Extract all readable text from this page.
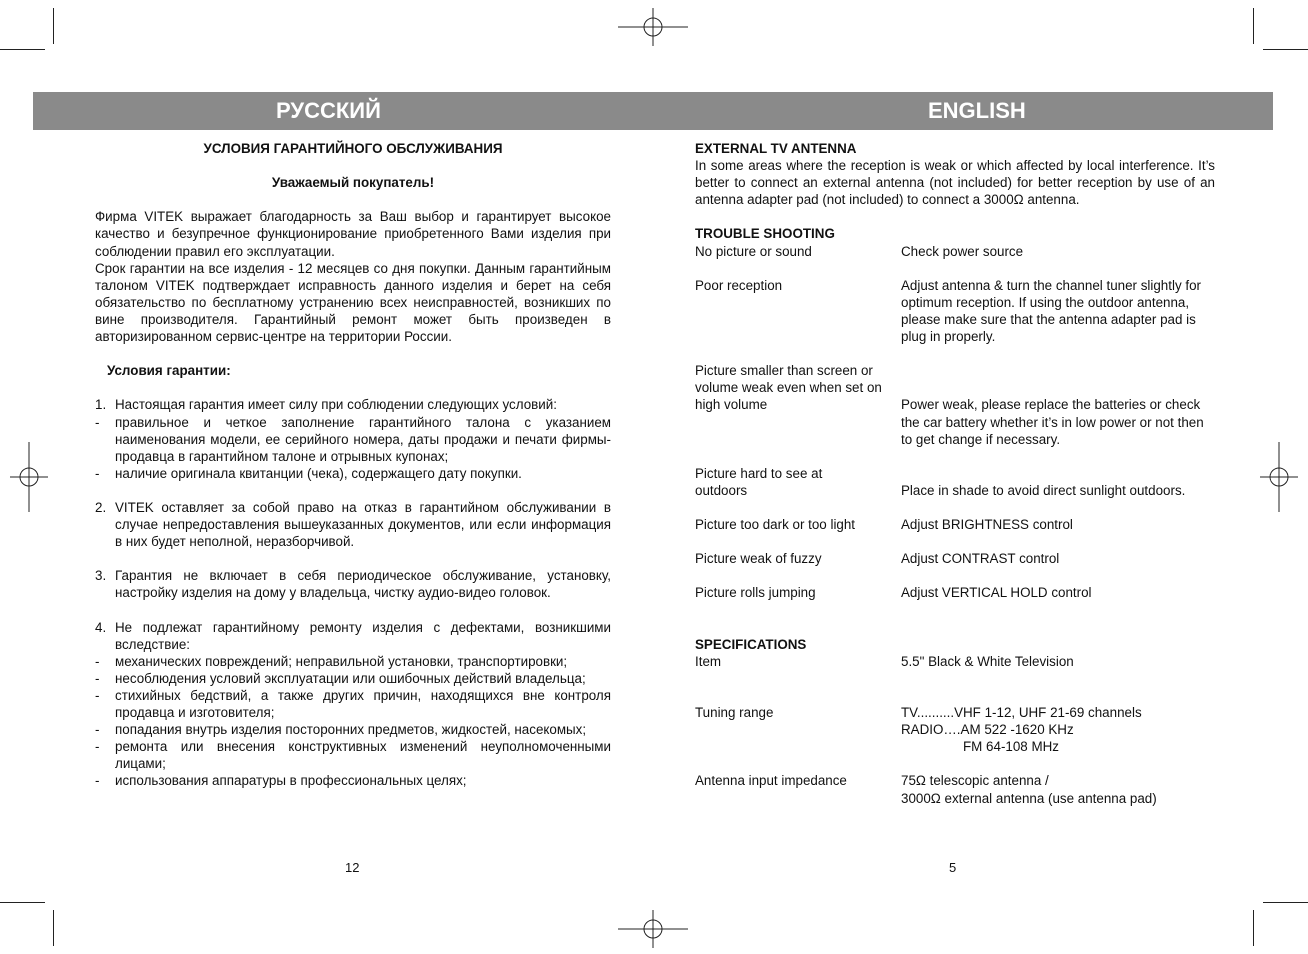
РУССКИЙ	ENGLISH

УСЛОВИЯ ГАРАНТИЙНОГО ОБСЛУЖИВАНИЯ

Уважаемый покупатель!

Фирма VITEK выражает благодарность за Ваш выбор и гарантирует высокое качество и безупречное функционирование приобретенного Вами изделия при соблюдении правил его эксплуатации.

Срок гарантии на все изделия - 12 месяцев со дня покупки. Данным гарантийным талоном VITEK подтверждает исправность данного изделия и берет на себя обязательство по бесплатному устранению всех неисправностей, возникших по вине производителя. Гарантийный ремонт может быть произведен в авторизированном сервис-центре на территории России.

Условия гарантии:

1. Настоящая гарантия имеет силу при соблюдении следующих условий:
-	правильное и четкое заполнение гарантийного талона с указанием наименования модели, ее серийного номера, даты продажи и печати фирмы-продавца в гарантийном талоне и отрывных купонах;
-	наличие оригинала квитанции (чека), содержащего дату покупки.
2. VITEK оставляет за собой право на отказ в гарантийном обслуживании в случае непредоставления вышеуказанных документов, или если информация в них будет неполной, неразборчивой.
3. Гарантия не включает в себя периодическое обслуживание, установку, настройку изделия на дому у владельца, чистку аудио-видео головок.
4. Не подлежат гарантийному ремонту изделия с дефектами, возникшими вследствие:
-	механических повреждений; неправильной установки, транспортировки;
-	несоблюдения условий эксплуатации или ошибочных действий владельца;
-	стихийных бедствий, а также других причин, находящихся вне контроля продавца и изготовителя;
-	попадания внутрь изделия посторонних предметов, жидкостей, насекомых;
-	ремонта или внесения конструктивных изменений неуполномоченными лицами;
-	использования аппаратуры в профессиональных целях;
12

EXTERNAL TV ANTENNA

In some areas where the reception is weak or which affected by local interference. It’s better to connect an external antenna (not included) for better reception by use of an antenna adapter pad (not included) to connect a 3000Ω antenna.

TROUBLE SHOOTING

No picture or sound	Check power source
Poor reception	Adjust antenna & turn the channel tuner slightly for optimum reception. If using the outdoor antenna, please make sure that the antenna adapter pad is plug in properly.
Picture smaller than screen or volume weak even when set on high volume	Power weak, please replace the batteries or check the car battery whether it’s in low power or not then to get change if necessary.
Picture hard to see at outdoors	Place in shade to avoid direct sunlight outdoors.
Picture too dark or too light	Adjust BRIGHTNESS control
Picture weak of fuzzy	Adjust CONTRAST control
Picture rolls jumping	Adjust VERTICAL HOLD control

SPECIFICATIONS

Item	5.5" Black & White Television
Tuning range	TV..........VHF 1-12, UHF 21-69 channels
RADIO….AM 522 -1620 KHz
FM 64-108 MHz
Antenna input impedance	75Ω telescopic antenna /
3000Ω external antenna (use antenna pad)
5
